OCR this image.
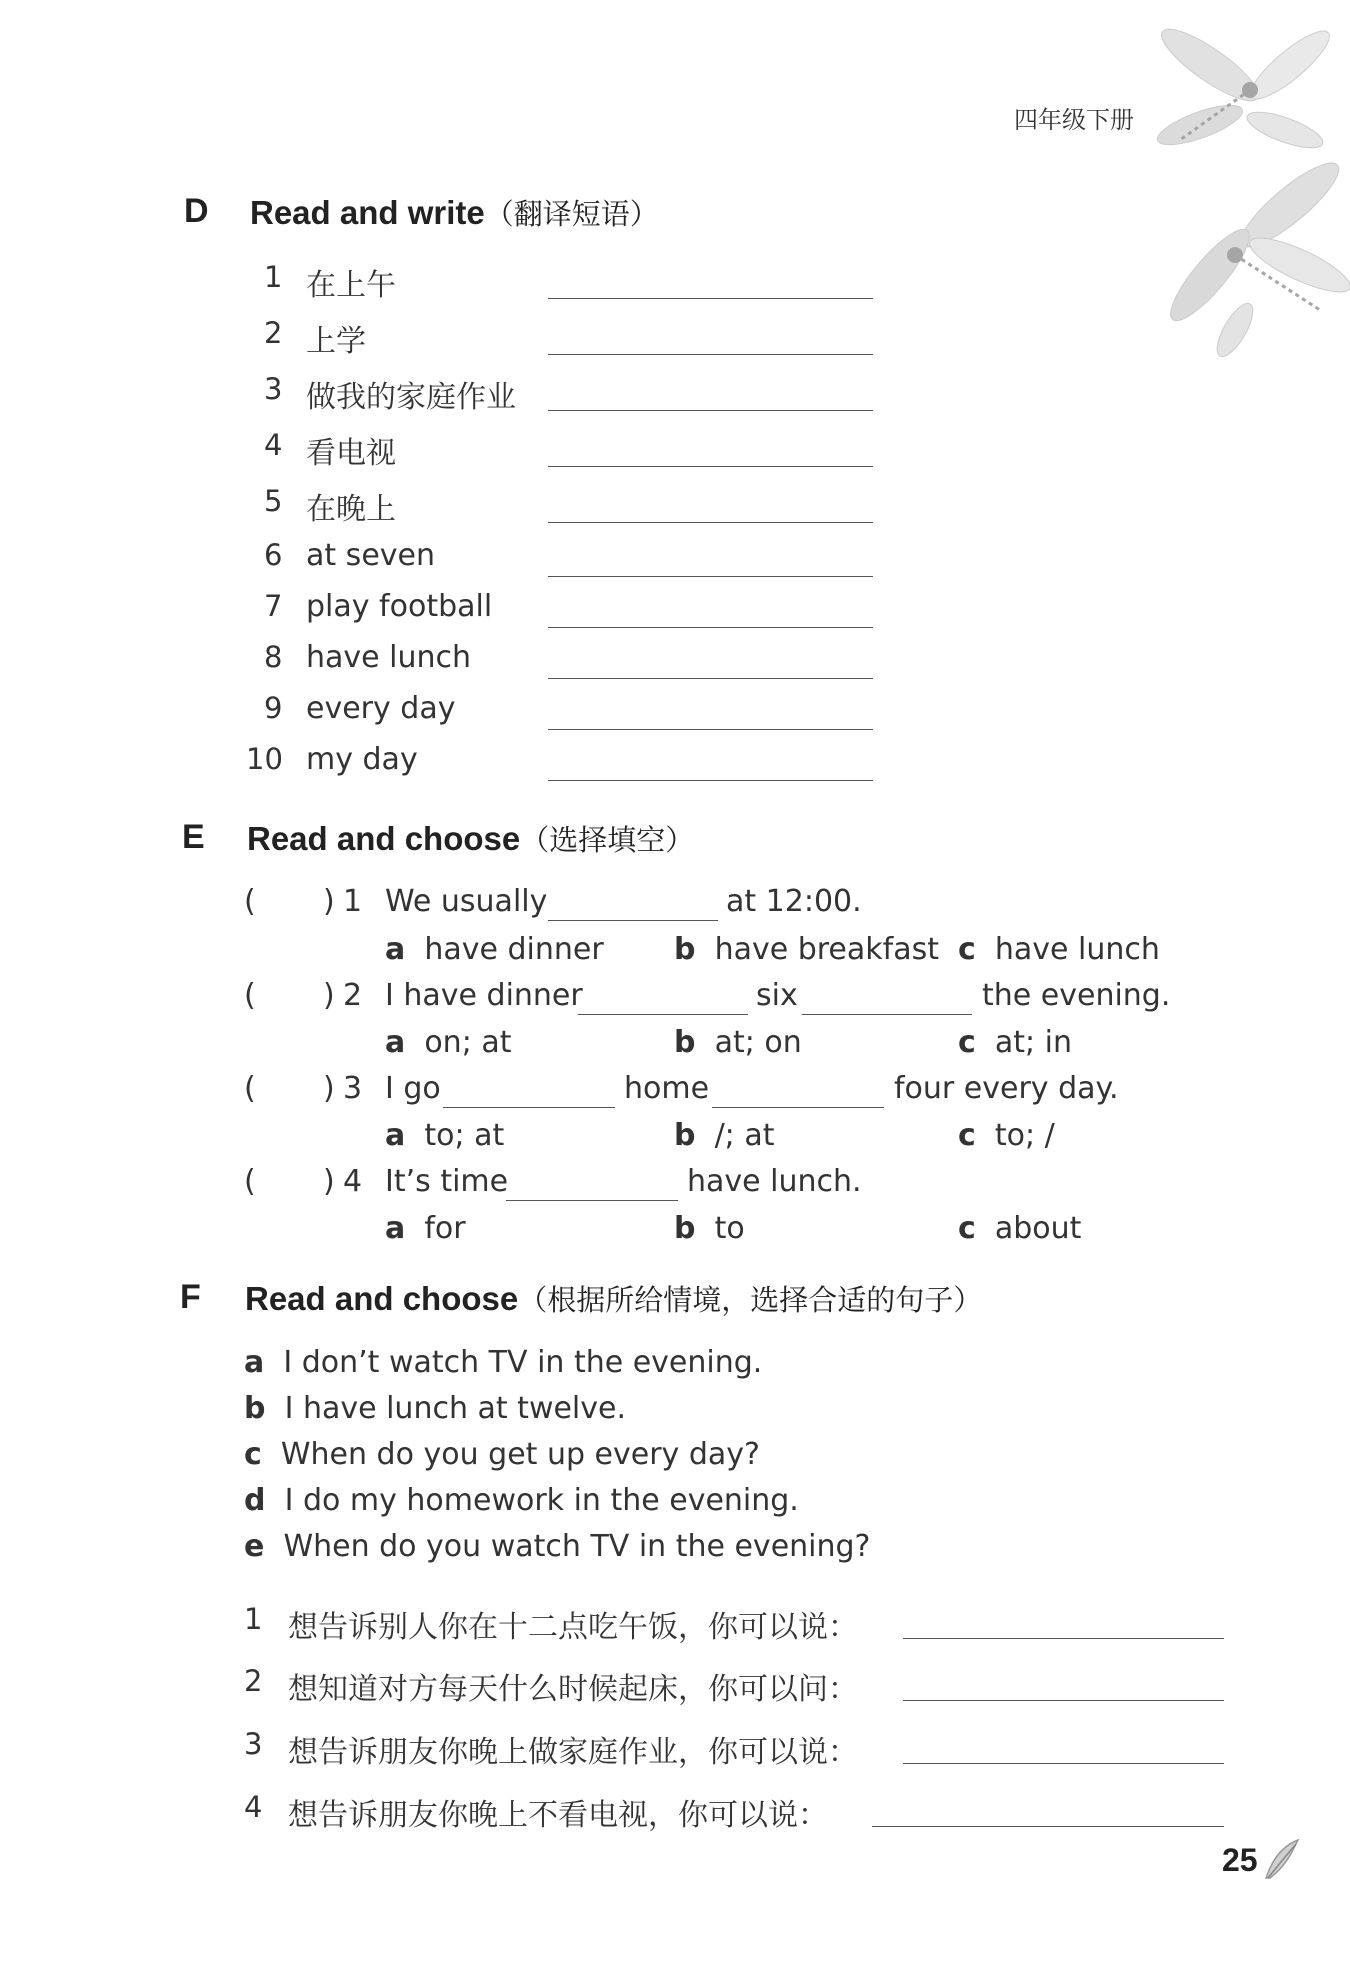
四年级下册
D Read and write（翻译短语）
1 在上午
2 上学
3 做我的家庭作业
4 看电视
5 在晚上
6 at seven
7 play football
8 have lunch
9 every day
10 my day
E Read and choose（选择填空）
( ) 1 We usually	at 12:00.
a have dinner b have breakfast c have lunch
( ) 2 I have dinner	six	the evening.
a on; at	b at; on	c at; in
( ) 3 I go	home	four every day.
a to; at	b /; at	c to; /
( ) 4 It’s time	have lunch.
a for	b to	c about
F Read and choose（根据所给情境，选择合适的句子）
a I don’t watch TV in the evening.
b I have lunch at twelve.
c When do you get up every day?
d I do my homework in the evening.
e When do you watch TV in the evening?
1 想告诉别人你在十二点吃午饭，你可以说：
2 想知道对方每天什么时候起床，你可以问：
3 想告诉朋友你晚上做家庭作业，你可以说：
4 想告诉朋友你晚上不看电视，你可以说：
25
